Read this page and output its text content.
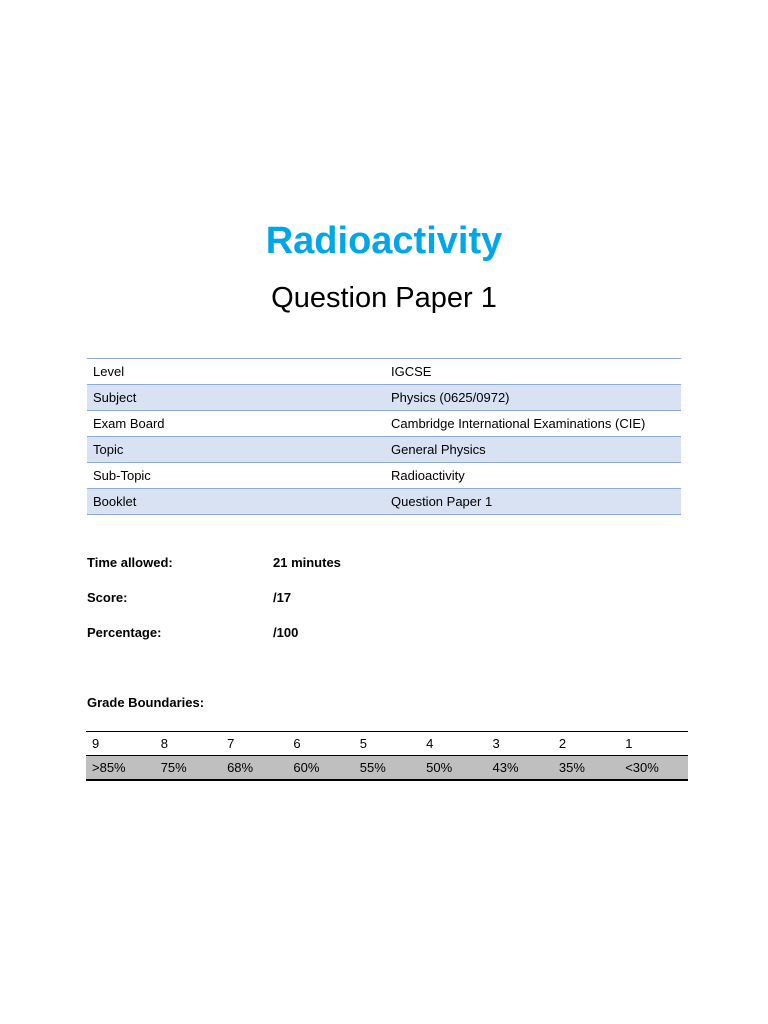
Radioactivity
Question Paper 1
Level	IGCSE
Subject	Physics (0625/0972)
Exam Board	Cambridge International Examinations (CIE)
Topic	General Physics
Sub-Topic	Radioactivity
Booklet	Question Paper 1
Time allowed:	21 minutes
Score:	/17
Percentage:	/100
Grade Boundaries:
9	8	7	6	5	4	3	2	1
>85%	75%	68%	60%	55%	50%	43%	35%	<30%
